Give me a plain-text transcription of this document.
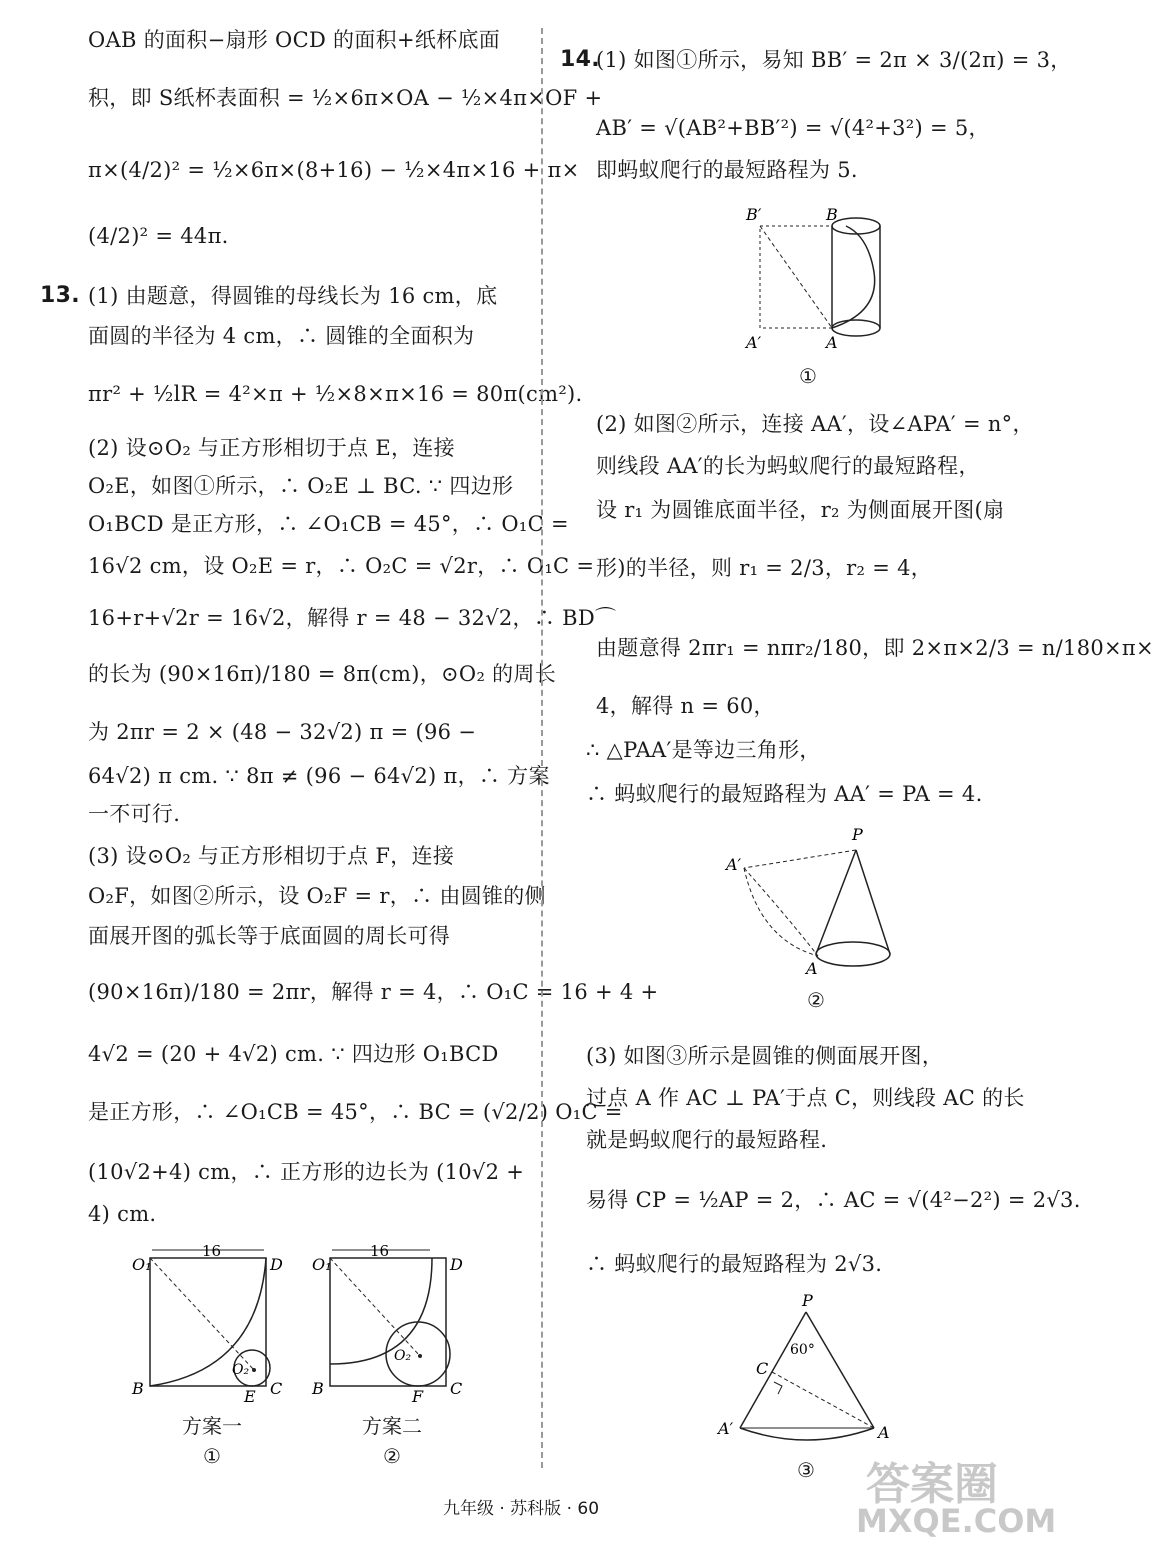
OAB 的面积−扇形 OCD 的面积+纸杯底面
积，即 S纸杯表面积 = ½×6π×OA − ½×4π×OF +
π×(4/2)² = ½×6π×(8+16) − ½×4π×16 + π×
(4/2)² = 44π.
13. (1) 由题意，得圆锥的母线长为 16 cm，底
面圆的半径为 4 cm，∴ 圆锥的全面积为
πr² + ½lR = 4²×π + ½×8×π×16 = 80π(cm²).
(2) 设⊙O₂ 与正方形相切于点 E，连接
O₂E，如图①所示，∴ O₂E ⊥ BC. ∵ 四边形
O₁BCD 是正方形，∴ ∠O₁CB = 45°，∴ O₁C =
16√2 cm，设 O₂E = r，∴ O₂C = √2r，∴ O₁C =
16+r+√2r = 16√2，解得 r = 48 − 32√2，∴ BD⌒
的长为 (90×16π)/180 = 8π(cm)，⊙O₂ 的周长
为 2πr = 2 × (48 − 32√2) π = (96 −
64√2) π cm. ∵ 8π ≠ (96 − 64√2) π，∴ 方案
一不可行.
(3) 设⊙O₂ 与正方形相切于点 F，连接
O₂F，如图②所示，设 O₂F = r，∴ 由圆锥的侧
面展开图的弧长等于底面圆的周长可得
(90×16π)/180 = 2πr，解得 r = 4，∴ O₁C = 16 + 4 +
4√2 = (20 + 4√2) cm. ∵ 四边形 O₁BCD
是正方形，∴ ∠O₁CB = 45°，∴ BC = (√2/2) O₁C =
(10√2+4) cm，∴ 正方形的边长为 (10√2 +
4) cm.
O₁	D
B	C
E
O₂
16
方案一
①
O₁	D
B	C
F
O₂
16
方案二
②
14.
(1) 如图①所示，易知 BB′ = 2π × 3/(2π) = 3，
AB′ = √(AB²+BB′²) = √(4²+3²) = 5，
即蚂蚁爬行的最短路程为 5.
B′	B
A′	A
①
(2) 如图②所示，连接 AA′，设∠APA′ = n°，
则线段 AA′的长为蚂蚁爬行的最短路程，
设 r₁ 为圆锥底面半径，r₂ 为侧面展开图(扇
形)的半径，则 r₁ = 2/3，r₂ = 4，
由题意得 2πr₁ = nπr₂/180，即 2×π×2/3 = n/180×π×
4，解得 n = 60，
∴ △PAA′是等边三角形，
∴ 蚂蚁爬行的最短路程为 AA′ = PA = 4.
P
A′
A
②
(3) 如图③所示是圆锥的侧面展开图，
过点 A 作 AC ⊥ PA′于点 C，则线段 AC 的长
就是蚂蚁爬行的最短路程.
易得 CP = ½AP = 2，∴ AC = √(4²−2²) = 2√3.
∴ 蚂蚁爬行的最短路程为 2√3.
P
C
A′	A
60°
③
九年级 · 苏科版 · 60	答案圈
MXQE.COM
